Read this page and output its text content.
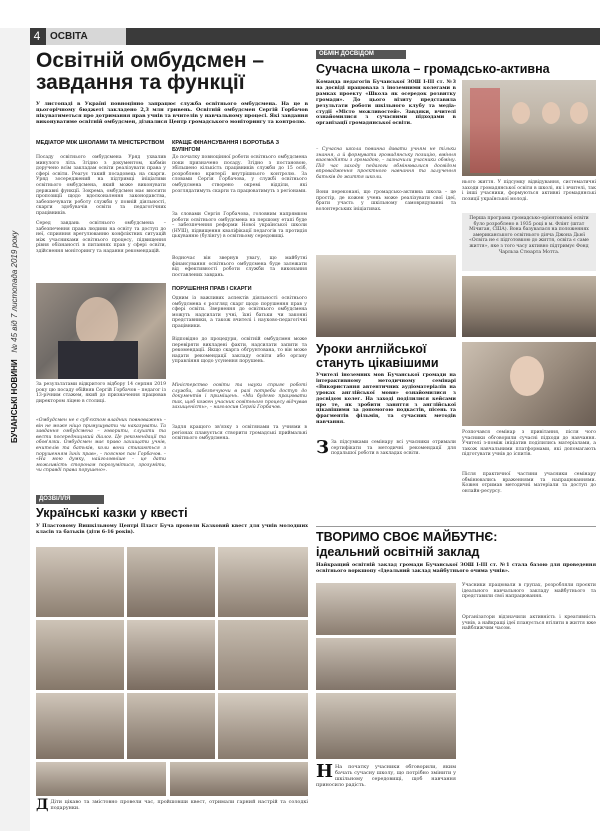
БУЧАНСЬКІ НОВИНИ   № 45 від 7 листопада 2019 року
4 ОСВІТА
Освітній омбудсмен –
завдання та функції
У листопаді в Україні повноцінно запрацює служба освітнього омбудсмена. На це в цьогорічному бюджеті закладено 2,3 млн гривень. Освітній омбудсмен Сергій Горбачов пікуватиметься про дотримання прав учнів та вчителів у навчальному процесі. Які завдання виконуватиме освітній омбудсмен, дізналися Центр громадського моніторингу та контролю.
МЕДІАТОР МІЖ ШКОЛАМИ ТА МІНІСТЕРСТВОМ
Посаду освітнього омбудсмена Уряд ухвалив минулого літа. Згідно з документом, кабмін доручено всім закладам освіти реалізувати права у сфері освіти. Реагує такий посадовець на скарги. Уряд зосереджений на підтримці ініціативи освітнього омбудсмена, який може виконувати державні функції. Зокрема, омбудсмен має вносити пропозиції щодо вдосконалення законодавства, забезпечувати роботу служби у повній діяльності, скарги здобувачів освіти та педагогічних працівників.
Серед завдань освітнього омбудсмена – забезпечення права людини на освіту та доступ до неї, сприяння врегулюванню конфліктних ситуацій між учасниками освітнього процесу, підвищення рівня обізнаності в питаннях прав у сфері освіти, здійснення моніторингу та надання рекомендацій.
За результатами відкритого відбору 14 серпня 2019 року цю посаду обійняв Сергій Горбачов – педагог із 13-річним стажем, який до призначення працював директором ліцею в столиці.
«Омбудсмен не є суб'єктом владних повноважень – він не може ніщо примушувати чи наказувати. Та завдання омбудсмена – говорити, слухати та вести посередницький діалог. Це рекомендації та обов'язки. Омбудсмен має право захищати учнів, вчителів та батьків, коли вони стикаються з порушенням їхніх прав», – пояснює пан Горбачов. – «На мою думку, найголовніше – це дати можливість сторонам порозумітися, зрозуміти, чи справді права порушено».
КРАЩЕ ФІНАНСУВАННЯ І БОРОТЬБА З БУЛІНГОМ
До початку повноцінної роботи освітнього омбудсмена поки призначено посаду. Згідно з постановою, збільшено кількість працівників служби до 15 осіб, розроблено критерії внутрішнього контролю. За словами Сергія Горбачова, у службі освітнього омбудсмена створено окремі відділи, які розглядатимуть скарги та працюватимуть з регіонами.
За словами Сергія Горбачова, головним напрямком роботи освітнього омбудсмена на першому етапі буде – забезпечення реформи Нової української школи (НУШ), підвищення кваліфікації педагогів та протидія цькуванню (булінгу) в освітньому середовищі.
Водночас він звернув увагу, що майбутні фінансування освітнього омбудсмена буде залежати від ефективності роботи служби та виконання поставлених завдань.
ПОРУШЕННЯ ПРАВ І СКАРГИ
Одним із важливих аспектів діяльності освітнього омбудсмена є розгляд скарг щодо порушення прав у сфері освіти. Звернення до освітнього омбудсмена можуть надсилати учні, їхні батьки чи законні представники, а також вчителі і науково-педагогічні працівники.
Відповідно до процедури, освітній омбудсмен може перевіряти викладені факти, надсилати запити та рекомендації. Якщо скарга обґрунтована, то він може надати рекомендації закладу освіти або органу управління щодо усунення порушень.
Міністерство освіти та науки сприяє роботі служби, забезпечуючи в разі потреби доступ до документів і приміщень. «Ми будемо працювати так, щоб кожен учасник освітнього процесу відчував захищеність», – наголосив Сергій Горбачов.
Задля кращого зв'язку з освітянами та учнями в регіонах планується створити громадські приймальні освітнього омбудсмена.
ОБМІН ДОСВІДОМ
Сучасна школа – громадсько-активна
Команда педагогів Бучанської ЗОШ І-ІІІ ст. №3 на досвіді працювала з іноземними колегами в рамках проекту «Школа як осередок розвитку громади». До цього візиту представила результати роботи шкільного клубу та медіа-студії «Місто можливостей». Завдяки, вчителі ознайомилися з сучасними підходами в організації громадянської освіти.
– Сучасна школа повинна давати учням не тільки знання, а й формувати громадянську позицію, вміння взаємодіяти з громадою, – зазначили учасники обміну. Під час заходу педагоги обмінювалися досвідом впровадження проєктного навчання та залучення батьків до життя школи.
Вони переконані, що громадсько-активна школа – це простір, де кожен учень може реалізувати свої ідеї, брати участь у шкільному самоврядуванні та волонтерських ініціативах.
нього життя. У підсумку відвідування, систематичні заходи громадянської освіти в школі, як і вчителі, так і інші учасники, формуються активні громадянські позиції української молоді.
Перша програма громадсько-орієнтованої освіти було розроблено в 1935 році в м. Флінт (штат Мічиган, США). Вона базувалася на положеннях американського освітнього діяча Джона Дьюї «Освіта не є підготовкою до життя, освіта є саме життя», яке з того часу активно підтримує Фонд Чарльза Стюарта Мотта.
Уроки англійської
стануть цікавішими
Учителі іноземних мов Бучанської громади на інтерактивному методичному семінарі «Використання автентичних аудіоматеріалів на уроках англійської мови» ознайомилися з досвідом колег. На заході поділилися кейсами про те, як зробити заняття з англійської цікавішими за допомогою подкастів, пісень та фрагментів фільмів, та сучасних методів навчання.
З За підсумками семінару всі учасники отримали сертифікати та методичні рекомендації для подальшої роботи в закладах освіти.
Розпочався семінар з привітання, після чого учасники обговорили сучасні підходи до навчання. Учителі з-поміж ініціатив поділились матеріалами, а також навчальними платформами, які допомагають підготувати учнів до іспитів.
Після практичної частини учасники семінару обмінювались враженнями та напрацюваннями. Кожен отримав методичні матеріали та доступ до онлайн-ресурсу.
ДОЗВІЛЛЯ
Українські казки у квесті
У Пластовому Вишкільному Центрі Пласт Буча провели Казковий квест для учнів молодших класів та батьків (діти 6-16 років).
Д Діти цікаво та змістовно провели час, пройшовши квест, отримали гарний настрій та солодкі подарунки.
ТВОРИМО СВОЄ МАЙБУТНЄ:
ідеальний освітній заклад
Найкращий освітній заклад громади Бучанської ЗОШ І-ІІІ ст. №1 стала базою для проведення освітнього воркшопу «Ідеальний заклад майбутнього очима учнів».
Н На початку учасники обговорили, яким бачать сучасну школу, що потрібно змінити у шкільному середовищі, щоб навчання приносило радість.
Учасники працювали в групах, розробляли проєкти ідеального навчального закладу майбутнього та представили свої напрацювання.
Організатори відзначили активність і креативність учнів, а найкращі ідеї планується втілити в життя вже найближчим часом.
